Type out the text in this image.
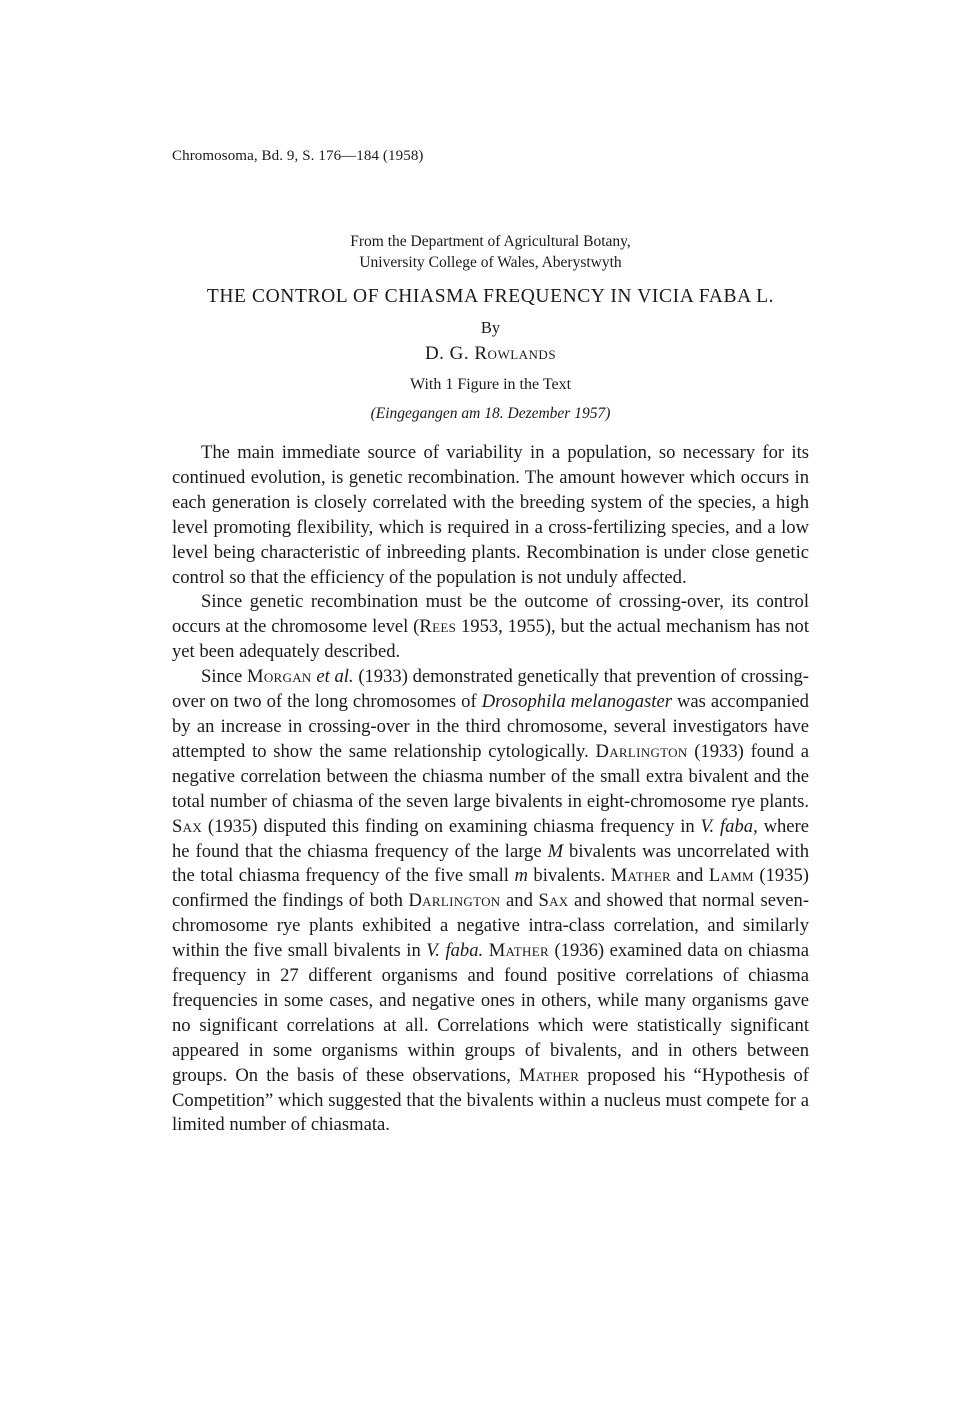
Chromosoma, Bd. 9, S. 176—184 (1958)
From the Department of Agricultural Botany,
University College of Wales, Aberystwyth
THE CONTROL OF CHIASMA FREQUENCY IN VICIA FABA L.
By
D. G. Rowlands
With 1 Figure in the Text
(Eingegangen am 18. Dezember 1957)

The main immediate source of variability in a population, so necessary for its continued evolution, is genetic recombination. The amount however which occurs in each generation is closely correlated with the breeding system of the species, a high level promoting flexibility, which is required in a cross-fertilizing species, and a low level being characteristic of inbreeding plants. Recombination is under close genetic control so that the efficiency of the population is not unduly affected.

Since genetic recombination must be the outcome of crossing-over, its control occurs at the chromosome level (Rees 1953, 1955), but the actual mechanism has not yet been adequately described.

Since Morgan et al. (1933) demonstrated genetically that prevention of crossing-over on two of the long chromosomes of Drosophila melanogaster was accompanied by an increase in crossing-over in the third chromosome, several investigators have attempted to show the same relationship cytologically. Darlington (1933) found a negative correlation between the chiasma number of the small extra bivalent and the total number of chiasma of the seven large bivalents in eight-chromosome rye plants. Sax (1935) disputed this finding on examining chiasma frequency in V. faba, where he found that the chiasma frequency of the large M bivalents was uncorrelated with the total chiasma frequency of the five small m bivalents. Mather and Lamm (1935) confirmed the findings of both Darlington and Sax and showed that normal seven-chromosome rye plants exhibited a negative intra-class correlation, and similarly within the five small bivalents in V. faba. Mather (1936) examined data on chiasma frequency in 27 different organisms and found positive correlations of chiasma frequencies in some cases, and negative ones in others, while many organisms gave no significant correlations at all. Correlations which were statistically significant appeared in some organisms within groups of bivalents, and in others between groups. On the basis of these observations, Mather proposed his “Hypothesis of Competition” which suggested that the bivalents within a nucleus must compete for a limited number of chiasmata.
